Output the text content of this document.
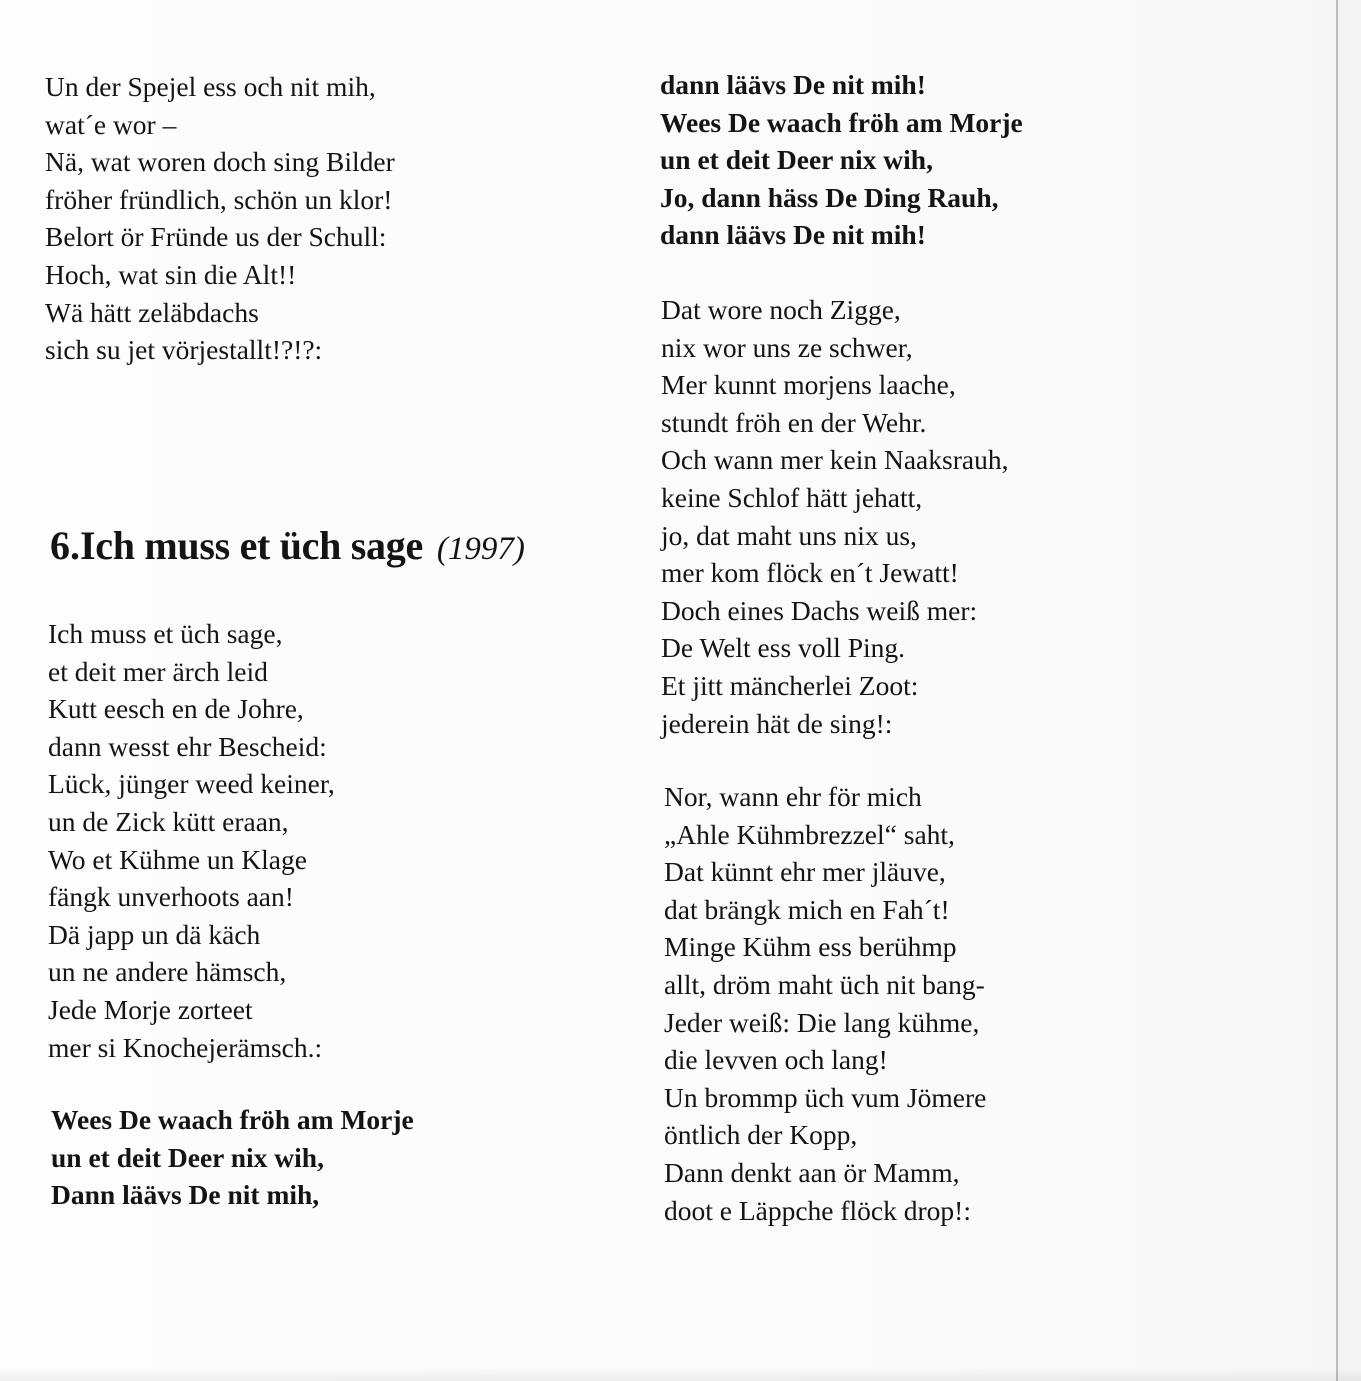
Un der Spejel ess och nit mih,
wat´e wor –
Nä, wat woren doch sing Bilder
fröher fründlich, schön un klor!
Belort ör Fründe us der Schull:
Hoch, wat sin die Alt!!
Wä hätt zeläbdachs
sich su jet vörjestallt!?!?:
6.Ich muss et üch sage (1997)
Ich muss et üch sage,
et deit mer ärch leid
Kutt eesch en de Johre,
dann wesst ehr Bescheid:
Lück, jünger weed keiner,
un de Zick kütt eraan,
Wo et Kühme un Klage
fängk unverhoots aan!
Dä japp un dä käch
un ne andere hämsch,
Jede Morje zorteet
mer si Knochejerämsch.:
Wees De waach fröh am Morje
un et deit Deer nix wih,
Dann läävs De nit mih,
dann läävs De nit mih!
Wees De waach fröh am Morje
un et deit Deer nix wih,
Jo, dann häss De Ding Rauh,
dann läävs De nit mih!
Dat wore noch Zigge,
nix wor uns ze schwer,
Mer kunnt morjens laache,
stundt fröh en der Wehr.
Och wann mer kein Naaksrauh,
keine Schlof hätt jehatt,
jo, dat maht uns nix us,
mer kom flöck en´t Jewatt!
Doch eines Dachs weiß mer:
De Welt ess voll Ping.
Et jitt mäncherlei Zoot:
jederein hät de sing!:
Nor, wann ehr för mich
„Ahle Kühmbrezzel“ saht,
Dat künnt ehr mer jläuve,
dat brängk mich en Fah´t!
Minge Kühm ess berühmp
allt, dröm maht üch nit bang-
Jeder weiß: Die lang kühme,
die levven och lang!
Un brommp üch vum Jömere
öntlich der Kopp,
Dann denkt aan ör Mamm,
doot e Läppche flöck drop!:
